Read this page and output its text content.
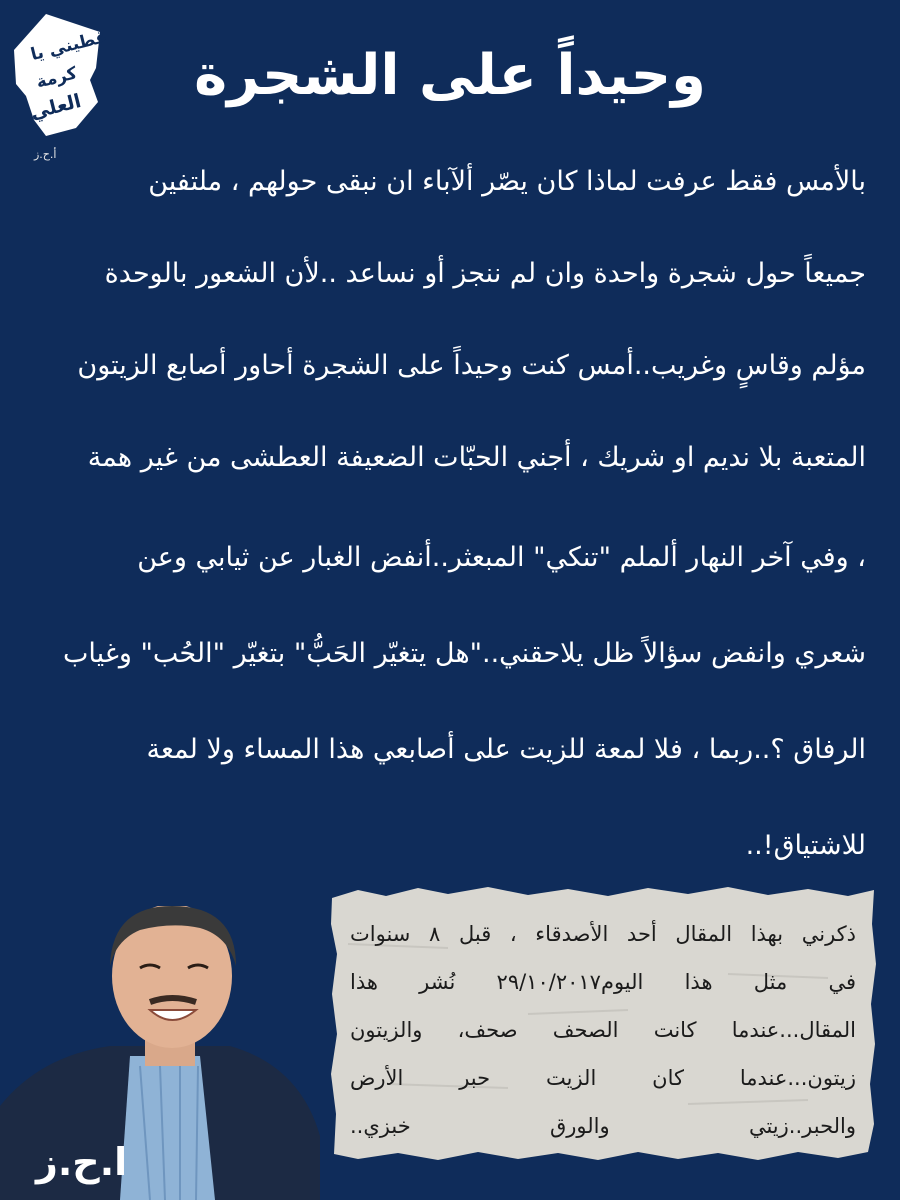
غطيني يا
كرمة
العلي
أ.ح.ز
وحيداً على الشجرة
بالأمس فقط عرفت لماذا كان يصّر ألآباء ان نبقى حولهم ، ملتفين
جميعاً حول شجرة واحدة وان لم ننجز أو نساعد ..لأن الشعور بالوحدة
مؤلم وقاسٍ وغريب..أمس كنت وحيداً على الشجرة أحاور أصابع الزيتون
المتعبة بلا نديم او شريك ، أجني الحبّات الضعيفة العطشى من غير همة
، وفي آخر النهار ألملم "تنكي" المبعثر..أنفض الغبار عن ثيابي وعن
شعري وانفض سؤالاً ظل يلاحقني.."هل يتغيّر الحَبُّ" بتغيّر "الحُب" وغياب
الرفاق ؟..ربما ، فلا لمعة للزيت على أصابعي هذا المساء ولا لمعة
للاشتياق!..
ذكرني بهذا المقال أحد الأصدقاء ، قبل ٨ سنوات
في مثل هذا اليوم٢٩/١٠/٢٠١٧ نُشر هذا
المقال...عندما كانت الصحف صحف، والزيتون
زيتون...عندما كان الزيت حبر الأرض
والحبر..زيتي والورق خبزي..
ا.ح.ز
